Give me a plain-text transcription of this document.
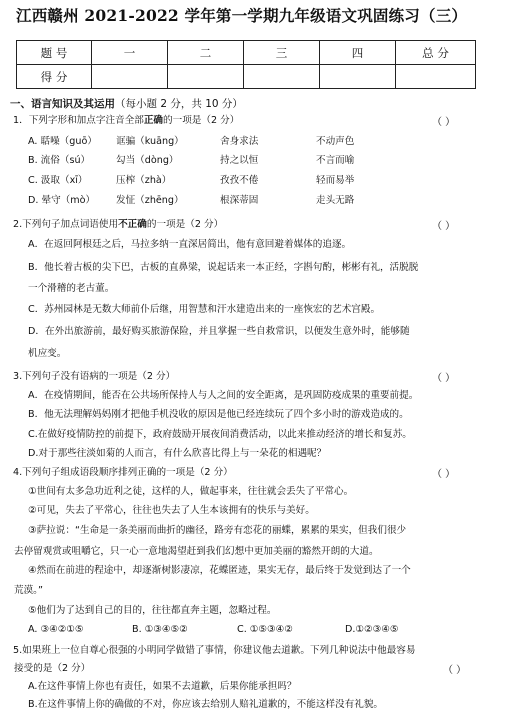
江西赣州 2021-2022 学年第一学期九年级语文巩固练习（三）
题 号	一	二	三	四	总 分
得 分					
一、语言知识及其运用（每小题 2 分，共 10 分）
1．下列字形和加点字注音全部正确的一项是（2 分）	（ ）
A. 聒噪（guō）	诓骗（kuāng）	舍身求法	不动声色
B. 流俗（sú）	勾当（dòng）	持之以恒	不言而喻
C. 汲取（xī）	压榨（zhà）	孜孜不倦	轻而易举
D. 晕守（mò）	发怔（zhēng）	根深蒂固	走头无路
2.下列句子加点词语使用不正确的一项是（2 分）	（ ）
A．在返回阿根廷之后，马拉多纳一直深居简出，他有意回避着媒体的追逐。
B．他长着古板的尖下巴，古板的直鼻梁，说起话来一本正经，字斟句酌，彬彬有礼，活脱脱
一个滑稽的老古董。
C．苏州园林是无数大师前仆后继，用智慧和汗水建造出来的一座恢宏的艺术宫殿。
D．在外出旅游前，最好购买旅游保险，并且掌握一些自救常识，以便发生意外时，能够随
机应变。
3.下列句子没有语病的一项是（2 分）	（ ）
A．在疫情期间，能否在公共场所保持人与人之间的安全距离，是巩固防疫成果的重要前提。
B．他无法理解妈妈刚才把他手机没收的原因是他已经连续玩了四个多小时的游戏造成的。
C.在做好疫情防控的前提下，政府鼓励开展夜间消费活动，以此来推动经济的增长和复苏。
D.对于那些往淡如菊的人而言，有什么欣喜比得上与一朵花的相遇呢？
4.下列句子组成语段顺序排列正确的一项是（2 分）	（ ）
①世间有太多急功近利之徒，这样的人，做起事来，往往就会丢失了平常心。
②可见，失去了平常心，往往也失去了人生本该拥有的快乐与美好。
③萨拉说：“生命是一条美丽而曲折的幽径，路旁有恋花的丽蝶，累累的果实，但我们很少
去停留观赏或咀嚼它，只一心一意地渴望赶到我们幻想中更加美丽的豁然开朗的大道。
④然而在前进的程途中，却逐渐树影凄凉，花蝶匿迹，果实无存，最后终于发觉到达了一个
荒漠。”
⑤他们为了达到自己的目的，往往都直奔主题，忽略过程。
A. ③④②①⑤	B. ①③④⑤②	C. ①⑤③④②	D.①②③④⑤
5.如果班上一位自尊心很强的小明同学做错了事情，你建议他去道歉。下列几种说法中他最容易
接受的是（2 分）	（ ）
A.在这件事情上你也有责任，如果不去道歉，后果你能承担吗？
B.在这件事情上你的确做的不对，你应该去给别人赔礼道歉的，不能这样没有礼貌。
